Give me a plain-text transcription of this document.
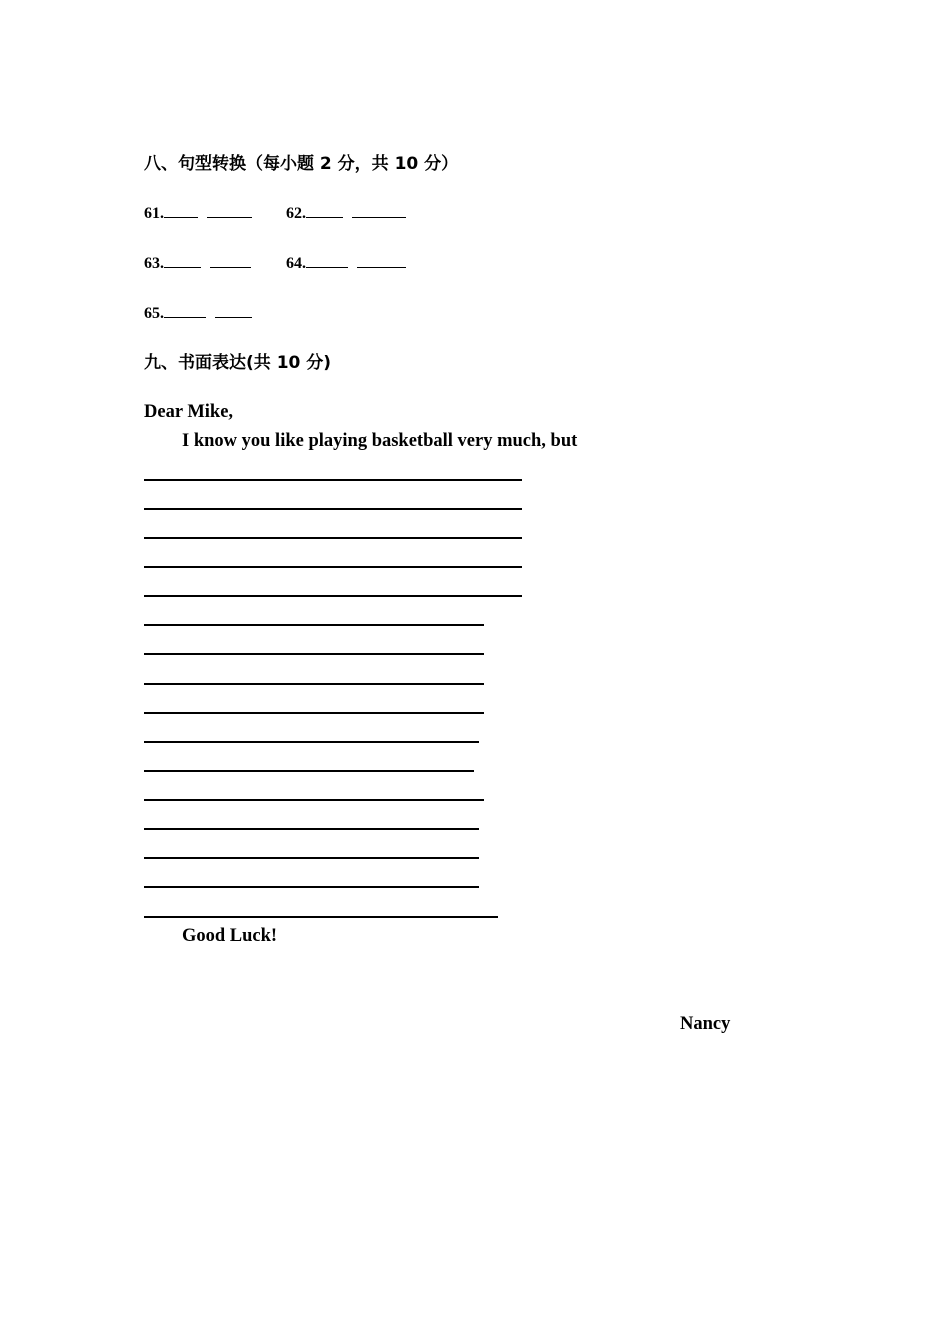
八、句型转换（每小题 2 分，共 10 分）
61.	62.
63.	64.
65.
九、书面表达(共 10 分)
Dear Mike,
I know you like playing basketball very much, but
Good Luck!
Nancy
